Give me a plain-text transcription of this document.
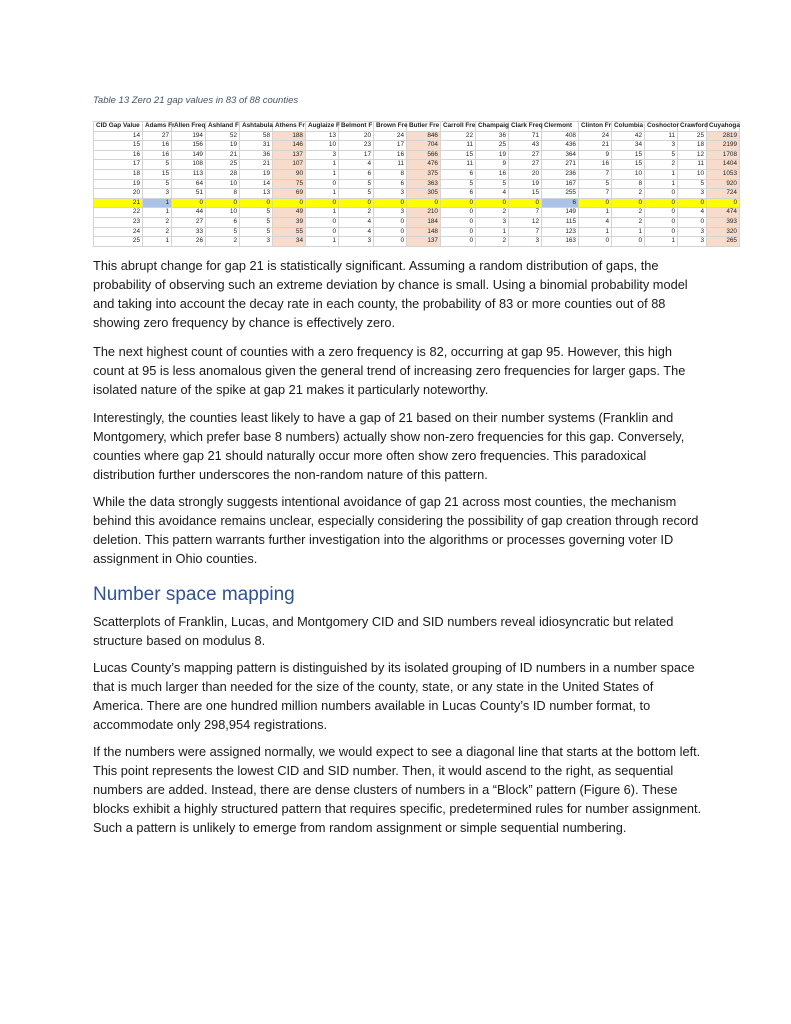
Table 13 Zero 21 gap values in 83 of 88 counties
CID Gap Value	Adams Fr	Allen Freq	Ashland F	Ashtabula	Athens Fr	Auglaize F	Belmont F	Brown Fre	Butler Fre	Carroll Fre	Champaig	Clark Freq	Clermont	Clinton Fr	Columbia	Coshoctor	Crawford	Cuyahoga
14	27	194	52	58	188	13	20	24	846	22	36	71	408	24	42	11	25	2819
15	16	156	19	31	146	10	23	17	704	11	25	43	436	21	34	3	18	2199
16	16	149	21	36	137	3	17	16	566	15	19	27	364	9	15	5	12	1708
17	5	108	25	21	107	1	4	11	476	11	9	27	271	16	15	2	11	1404
18	15	113	28	19	90	1	6	8	375	6	16	20	236	7	10	1	10	1053
19	5	64	10	14	75	0	5	6	363	5	5	19	167	5	8	1	5	920
20	3	51	8	13	69	1	5	3	305	6	4	15	255	7	2	0	3	724
21	1	0	0	0	0	0	0	0	0	0	0	0	6	0	0	0	0	0
22	1	44	10	5	49	1	2	3	210	0	2	7	149	1	2	0	4	474
23	2	27	6	5	39	0	4	0	184	0	3	12	115	4	2	0	0	393
24	2	33	5	5	55	0	4	0	148	0	1	7	123	1	1	0	3	320
25	1	26	2	3	34	1	3	0	137	0	2	3	163	0	0	1	3	265

This abrupt change for gap 21 is statistically significant. Assuming a random distribution of gaps, the probability of observing such an extreme deviation by chance is small. Using a binomial probability model and taking into account the decay rate in each county, the probability of 83 or more counties out of 88 showing zero frequency by chance is effectively zero.

The next highest count of counties with a zero frequency is 82, occurring at gap 95. However, this high count at 95 is less anomalous given the general trend of increasing zero frequencies for larger gaps. The isolated nature of the spike at gap 21 makes it particularly noteworthy.

Interestingly, the counties least likely to have a gap of 21 based on their number systems (Franklin and Montgomery, which prefer base 8 numbers) actually show non-zero frequencies for this gap. Conversely, counties where gap 21 should naturally occur more often show zero frequencies. This paradoxical distribution further underscores the non-random nature of this pattern.

While the data strongly suggests intentional avoidance of gap 21 across most counties, the mechanism behind this avoidance remains unclear, especially considering the possibility of gap creation through record deletion. This pattern warrants further investigation into the algorithms or processes governing voter ID assignment in Ohio counties.

Number space mapping

Scatterplots of Franklin, Lucas, and Montgomery CID and SID numbers reveal idiosyncratic but related structure based on modulus 8.

Lucas County’s mapping pattern is distinguished by its isolated grouping of ID numbers in a number space that is much larger than needed for the size of the county, state, or any state in the United States of America. There are one hundred million numbers available in Lucas County’s ID number format, to accommodate only 298,954 registrations.

If the numbers were assigned normally, we would expect to see a diagonal line that starts at the bottom left. This point represents the lowest CID and SID number. Then, it would ascend to the right, as sequential numbers are added. Instead, there are dense clusters of numbers in a “Block” pattern (Figure 6). These blocks exhibit a highly structured pattern that requires specific, predetermined rules for number assignment. Such a pattern is unlikely to emerge from random assignment or simple sequential numbering.
